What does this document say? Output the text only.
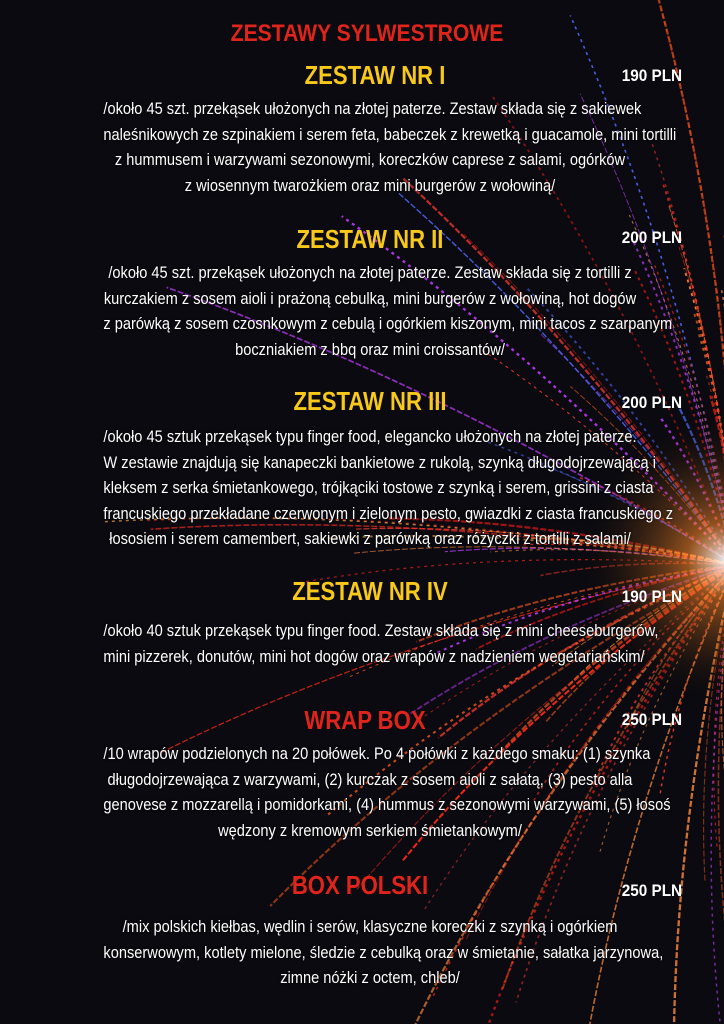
ZESTAWY SYLWESTROWE
ZESTAW NR I	190 PLN
/około 45 szt. przekąsek ułożonych na złotej paterze. Zestaw składa się z sakiewek
naleśnikowych ze szpinakiem i serem feta, babeczek z krewetką i guacamole, mini tortilli
z hummusem i warzywami sezonowymi, koreczków caprese z salami, ogórków
z wiosennym twarożkiem oraz mini burgerów z wołowiną/
ZESTAW NR II	200 PLN
/około 45 szt. przekąsek ułożonych na złotej paterze. Zestaw składa się z tortilli z
kurczakiem z sosem aioli i prażoną cebulką, mini burgerów z wołowiną, hot dogów
z parówką z sosem czosnkowym z cebulą i ogórkiem kiszonym, mini tacos z szarpanym
boczniakiem z bbq oraz mini croissantów/
ZESTAW NR III	200 PLN
/około 45 sztuk przekąsek typu finger food, elegancko ułożonych na złotej paterze.
W zestawie znajdują się kanapeczki bankietowe z rukolą, szynką długodojrzewającą i
kleksem z serka śmietankowego, trójkąciki tostowe z szynką i serem, grissini z ciasta
francuskiego przekładane czerwonym i zielonym pesto, gwiazdki z ciasta francuskiego z
łososiem i serem camembert, sakiewki z parówką oraz różyczki z tortilli z salami/
ZESTAW NR IV	190 PLN
/około 40 sztuk przekąsek typu finger food. Zestaw składa się z mini cheeseburgerów,
mini pizzerek, donutów, mini hot dogów oraz wrapów z nadzieniem wegetariańskim/
WRAP BOX	250 PLN
/10 wrapów podzielonych na 20 połówek. Po 4 połówki z każdego smaku: (1) szynka
długodojrzewająca z warzywami, (2) kurczak z sosem aioli z sałatą, (3) pesto alla
genovese z mozzarellą i pomidorkami, (4) hummus z sezonowymi warzywami, (5) łosoś
wędzony z kremowym serkiem śmietankowym/
BOX POLSKI	250 PLN
/mix polskich kiełbas, wędlin i serów, klasyczne koreczki z szynką i ogórkiem
konserwowym, kotlety mielone, śledzie z cebulką oraz w śmietanie, sałatka jarzynowa,
zimne nóżki z octem, chleb/
